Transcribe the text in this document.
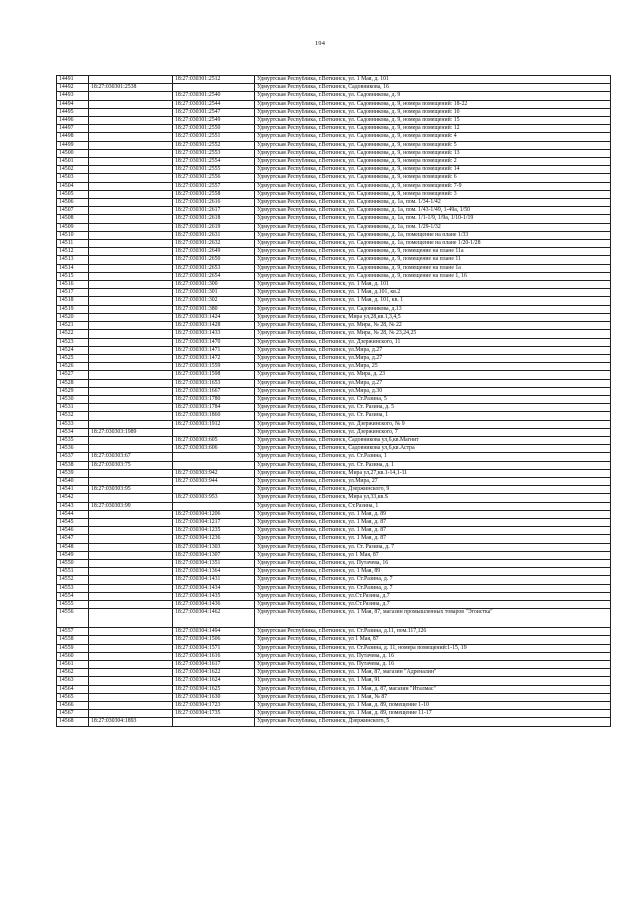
194
14491		18:27:030301:2512	Удмуртская Республика, г.Воткинск, ул. 1 Мая, д. 101
14492	18:27:030301:2538		Удмуртская Республика, г.Воткинск, Садовникова, 16
14493		18:27:030301:2540	Удмуртская Республика, г.Воткинск, ул. Садовникова, д. 9
14494		18:27:030301:2544	Удмуртская Республика, г.Воткинск, ул. Садовникова, д. 9, номера помещений: 18-22
14495		18:27:030301:2547	Удмуртская Республика, г.Воткинск, ул. Садовникова, д. 9, номера помещений: 10
14496		18:27:030301:2549	Удмуртская Республика, г.Воткинск, ул. Садовникова, д. 9, номера помещений: 15
14497		18:27:030301:2550	Удмуртская Республика, г.Воткинск, ул. Садовникова, д. 9, номера помещений: 12
14498		18:27:030301:2551	Удмуртская Республика, г.Воткинск, ул. Садовникова, д. 9, номера помещений: 4
14499		18:27:030301:2552	Удмуртская Республика, г.Воткинск, ул. Садовникова, д. 9, номера помещений: 5
14500		18:27:030301:2553	Удмуртская Республика, г.Воткинск, ул. Садовникова, д. 9, номера помещений: 13
14501		18:27:030301:2554	Удмуртская Республика, г.Воткинск, ул. Садовникова, д. 9, номера помещений: 2
14502		18:27:030301:2555	Удмуртская Республика, г.Воткинск, ул. Садовникова, д. 9, номера помещений: 14
14503		18:27:030301:2556	Удмуртская Республика, г.Воткинск, ул. Садовникова, д. 9, номера помещений: 6
14504		18:27:030301:2557	Удмуртская Республика, г.Воткинск, ул. Садовникова, д. 9, номера помещений: 7-9
14505		18:27:030301:2558	Удмуртская Республика, г.Воткинск, ул. Садовникова, д. 9, номера помещений: 3
14506		18:27:030301:2616	Удмуртская Республика, г.Воткинск, ул. Садовникова, д. 1а, пом. 1/34-1/42
14507		18:27:030301:2617	Удмуртская Республика, г.Воткинск, ул. Садовникова, д. 1а, пом. 1/43-1/49, 1-49а, 1/50
14508		18:27:030301:2618	Удмуртская Республика, г.Воткинск, ул. Садовникова, д. 1а, пом. 1/1-1/9, 1/9а, 1/10-1/19
14509		18:27:030301:2619	Удмуртская Республика, г.Воткинск, ул. Садовникова, д. 1а, пом. 1/29-1/32
14510		18:27:030301:2631	Удмуртская Республика, г.Воткинск, ул. Садовникова, д. 1а, помещение на плане 1/33
14511		18:27:030301:2632	Удмуртская Республика, г.Воткинск, ул. Садовникова, д. 1а, помещение на плане 1/20-1/28
14512		18:27:030301:2649	Удмуртская Республика, г.Воткинск, ул. Садовникова, д. 9, помещение на плане 11а
14513		18:27:030301:2650	Удмуртская Республика, г.Воткинск, ул. Садовникова, д. 9, помещение на плане 11
14514		18:27:030301:2653	Удмуртская Республика, г.Воткинск, ул. Садовникова, д. 9, помещение на плане 1а
14515		18:27:030301:2654	Удмуртская Республика, г.Воткинск, ул. Садовникова, д. 9, помещение на плане 1, 16
14516		18:27:030301:300	Удмуртская Республика, г.Воткинск, ул. 1 Мая, д. 101
14517		18:27:030301:301	Удмуртская Республика, г.Воткинск, ул. 1 Мая, д.101, кв.2
14518		18:27:030301:302	Удмуртская Республика, г.Воткинск, ул. 1 Мая, д. 101, кв. 1
14519		18:27:030301:380	Удмуртская Республика, г.Воткинск, ул. Садовникова, д.13
14520		18:27:030303:1424	Удмуртская Республика, г.Воткинск, Мира ул,28,кв.1,3,4,5
14521		18:27:030303:1428	Удмуртская Республика, г.Воткинск, ул. Мира, № 28, № 22
14522		18:27:030303:1433	Удмуртская Республика, г.Воткинск, ул. Мира, № 28, № 23,24,25
14523		18:27:030303:1470	Удмуртская Республика, г.Воткинск, ул. Дзержинского, 11
14524		18:27:030303:1471	Удмуртская Республика, г.Воткинск, ул.Мира, д.27
14525		18:27:030303:1472	Удмуртская Республика, г.Воткинск, ул.Мира, д.27
14526		18:27:030303:1559	Удмуртская Республика, г.Воткинск, ул.Мира, 25
14527		18:27:030303:1598	Удмуртская Республика, г.Воткинск, ул. Мира, д. 23
14528		18:27:030303:1653	Удмуртская Республика, г.Воткинск, ул.Мира, д.27
14529		18:27:030303:1667	Удмуртская Республика, г.Воткинск, ул.Мира, д.30
14530		18:27:030303:1780	Удмуртская Республика, г.Воткинск, ул. Ст.Разина, 5
14531		18:27:030303:1784	Удмуртская Республика, г.Воткинск, ул. Ст. Разина, д. 5
14532		18:27:030303:1860	Удмуртская Республика, г.Воткинск, ул. Ст. Разина, 1
14533		18:27:030303:1912	Удмуртская Республика, г.Воткинск, ул. Дзержинского, № 9
14534	18:27:030303:1989		Удмуртская Республика, г.Воткинск, ул. Дзержинского, 7
14535		18:27:030303:605	Удмуртская Республика, г.Воткинск, Садовникова ул,6,кв.Магнит
14536		18:27:030303:606	Удмуртская Республика, г.Воткинск, Садовникова ул,6,кв.Астра
14537	18:27:030303:67		Удмуртская Республика, г.Воткинск, ул. Ст.Разина, 1
14538	18:27:030303:75		Удмуртская Республика, г.Воткинск, ул. Ст. Разина, д. 1
14539		18:27:030303:942	Удмуртская Республика, г.Воткинск, Мира ул,27,кв.1-14,1-11
14540		18:27:030303:944	Удмуртская Республика, г.Воткинск, ул.Мира, 27
14541	18:27:030303:95		Удмуртская Республика, г.Воткинск, Дзержинского, 9
14542		18:27:030303:953	Удмуртская Республика, г.Воткинск, Мира ул,33,кв.S
14543	18:27:030303:99		Удмуртская Республика, г.Воткинск, Ст.Разина, 1
14544		18:27:030304:1206	Удмуртская Республика, г.Воткинск, ул. 1 Мая, д. 89
14545		18:27:030304:1217	Удмуртская Республика, г.Воткинск, ул. 1 Мая, д. 87
14546		18:27:030304:1235	Удмуртская Республика, г.Воткинск, ул. 1 Мая, д. 87
14547		18:27:030304:1236	Удмуртская Республика, г.Воткинск, ул. 1 Мая, д. 87
14548		18:27:030304:1303	Удмуртская Республика, г.Воткинск, ул. Ст. Разина, д. 7
14549		18:27:030304:1307	Удмуртская Республика, г.Воткинск, ул 1 Мая, 87
14550		18:27:030304:1351	Удмуртская Республика, г.Воткинск, ул. Путачева, 16
14551		18:27:030304:1364	Удмуртская Республика, г.Воткинск, ул. 1 Мая, 89
14552		18:27:030304:1431	Удмуртская Республика, г.Воткинск, ул. Ст.Разина, д. 7
14553		18:27:030304:1434	Удмуртская Республика, г.Воткинск, ул. Ст.Разина, д. 7
14554		18:27:030304:1435	Удмуртская Республика, г.Воткинск, ул.Ст.Разина, д.7
14555		18:27:030304:1436	Удмуртская Республика, г.Воткинск, ул.Ст.Разина, д.7
14556		18:27:030304:1462	Удмуртская Республика, г.Воткинск, ул. 1 Мая, 87, магазин промышленных товаров "Эгоистка"
14557		18:27:030304:1494	Удмуртская Республика, г.Воткинск, ул. Ст.Разина, д.11, пом.117,126
14558		18:27:030304:1506	Удмуртская Республика, г.Воткинск, ул 1 Мая, 87
14559		18:27:030304:1571	Удмуртская Республика, г.Воткинск, ул. Ст.Разина, д. 11, номера помещений:1-15, 19
14560		18:27:030304:1616	Удмуртская Республика, г.Воткинск, ул. Путачева, д. 16
14561		18:27:030304:1617	Удмуртская Республика, г.Воткинск, ул. Путачева, д. 16
14562		18:27:030304:1622	Удмуртская Республика, г.Воткинск, ул. 1 Мая, 87, магазин "Адреналин"
14563		18:27:030304:1624	Удмуртская Республика, г.Воткинск, ул. 1 Мая, 91
14564		18:27:030304:1625	Удмуртская Республика, г.Воткинск, ул. 1 Мая, д. 87, магазин "Италмас"
14565		18:27:030304:1630	Удмуртская Республика, г.Воткинск, ул. 1 Мая, № 87
14566		18:27:030304:1723	Удмуртская Республика, г.Воткинск, ул. 1 Мая, д. 89, помещение 1-10
14567		18:27:030304:1735	Удмуртская Республика, г.Воткинск, ул. 1 Мая, д. 89, помещение 11-17
14568	18:27:030304:1893		Удмуртская Республика, г.Воткинск, Дзержинского, 5
